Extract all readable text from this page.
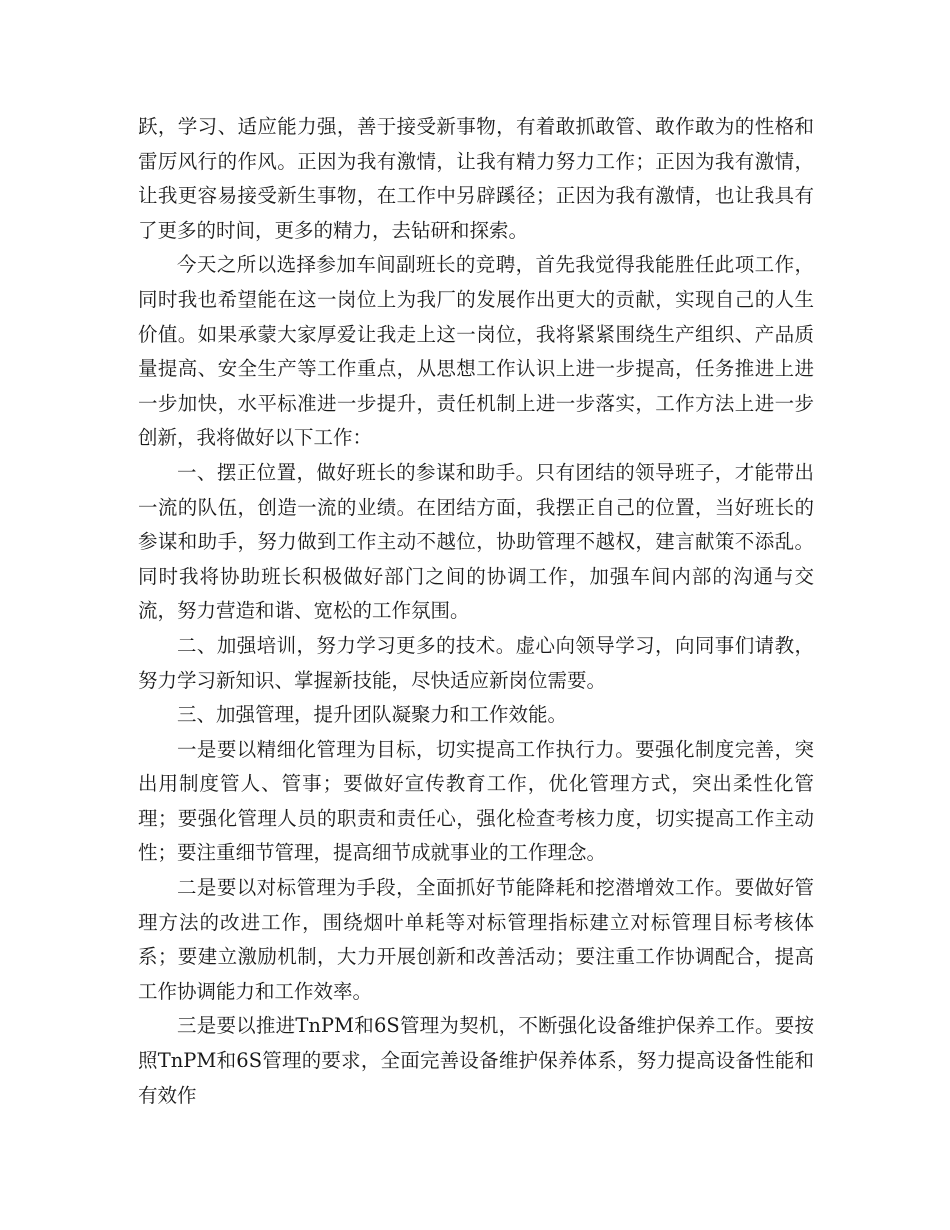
跃，学习、适应能力强，善于接受新事物，有着敢抓敢管、敢作敢为的性格和雷厉风行的作风。正因为我有激情，让我有精力努力工作；正因为我有激情，让我更容易接受新生事物，在工作中另辟蹊径；正因为我有激情，也让我具有了更多的时间，更多的精力，去钻研和探索。

今天之所以选择参加车间副班长的竞聘，首先我觉得我能胜任此项工作，同时我也希望能在这一岗位上为我厂的发展作出更大的贡献，实现自己的人生价值。如果承蒙大家厚爱让我走上这一岗位，我将紧紧围绕生产组织、产品质量提高、安全生产等工作重点，从思想工作认识上进一步提高，任务推进上进一步加快，水平标准进一步提升，责任机制上进一步落实，工作方法上进一步创新，我将做好以下工作：

一、摆正位置，做好班长的参谋和助手。只有团结的领导班子，才能带出一流的队伍，创造一流的业绩。在团结方面，我摆正自己的位置，当好班长的参谋和助手，努力做到工作主动不越位，协助管理不越权，建言献策不添乱。同时我将协助班长积极做好部门之间的协调工作，加强车间内部的沟通与交流，努力营造和谐、宽松的工作氛围。

二、加强培训，努力学习更多的技术。虚心向领导学习，向同事们请教，努力学习新知识、掌握新技能，尽快适应新岗位需要。

三、加强管理，提升团队凝聚力和工作效能。

一是要以精细化管理为目标，切实提高工作执行力。要强化制度完善，突出用制度管人、管事；要做好宣传教育工作，优化管理方式，突出柔性化管理；要强化管理人员的职责和责任心，强化检查考核力度，切实提高工作主动性；要注重细节管理，提高细节成就事业的工作理念。

二是要以对标管理为手段，全面抓好节能降耗和挖潜增效工作。要做好管理方法的改进工作，围绕烟叶单耗等对标管理指标建立对标管理目标考核体系；要建立激励机制，大力开展创新和改善活动；要注重工作协调配合，提高工作协调能力和工作效率。

三是要以推进TnPM和6S管理为契机，不断强化设备维护保养工作。要按照TnPM和6S管理的要求，全面完善设备维护保养体系，努力提高设备性能和有效作
